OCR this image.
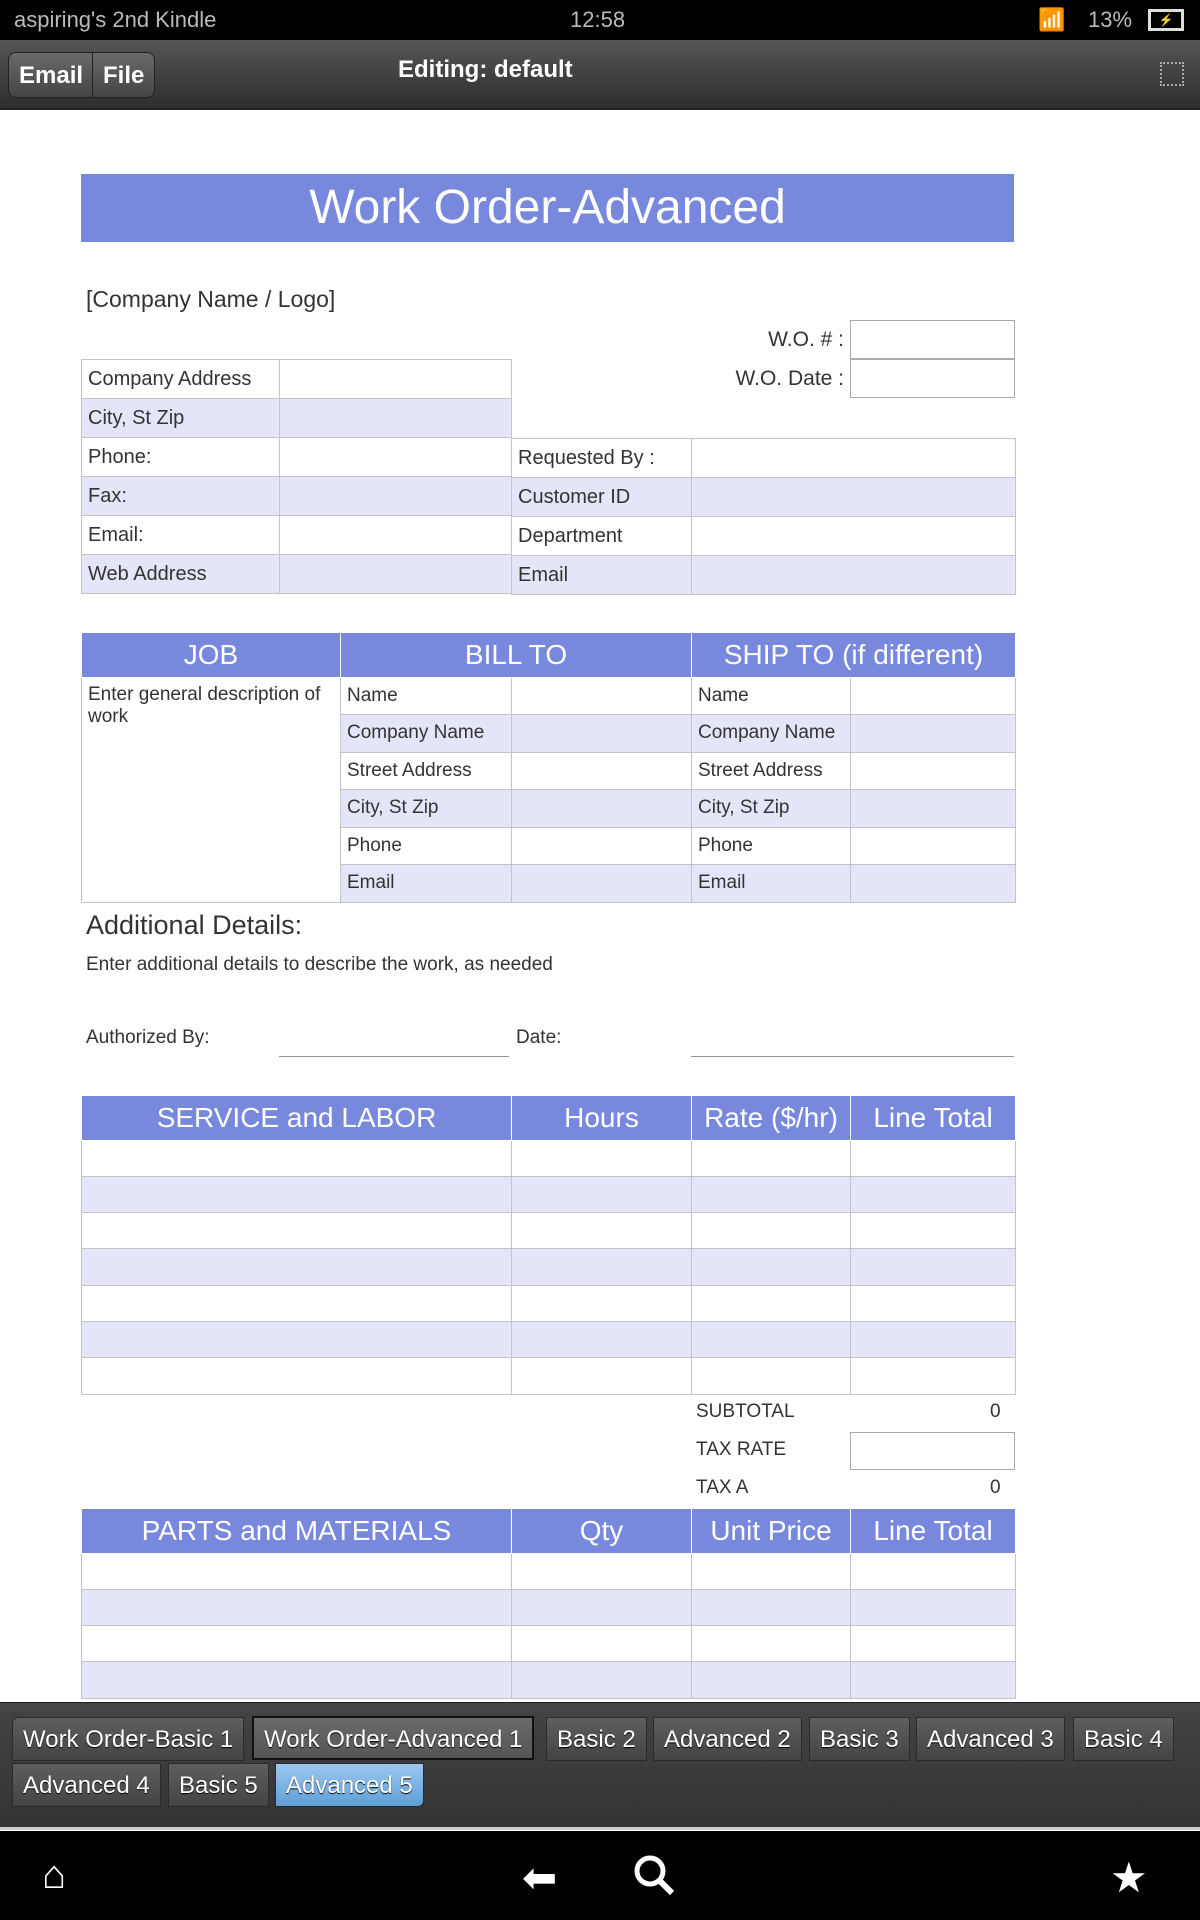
aspiring's 2nd Kindle	12:58	📶 13%	⚡
Email File	Editing: default
Work Order-Advanced
[Company Name / Logo]
W.O. # :
W.O. Date :
Company Address	
City, St Zip	
Phone:	
Fax:	
Email:	
Web Address	
Requested By :	
Customer ID	
Department	
Email	
JOB	BILL TO		SHIP TO (if different)	
Enter general description of work	Name		Name	
	Company Name		Company Name	
	Street Address		Street Address	
	City, St Zip		City, St Zip	
	Phone		Phone	
	Email		Email	
Additional Details:
Enter additional details to describe the work, as needed
Authorized By:	Date:
SERVICE and LABOR	Hours	Rate ($/hr)	Line Total

SUBTOTAL	0
TAX RATE
TAX A	0
PARTS and MATERIALS	Qty	Unit Price	Line Total

Work Order-Basic 1	Work Order-Advanced 1	Basic 2	Advanced 2	Basic 3	Advanced 3	Basic 4
Advanced 4	Basic 5	Advanced 5
⌂	⬅	★
